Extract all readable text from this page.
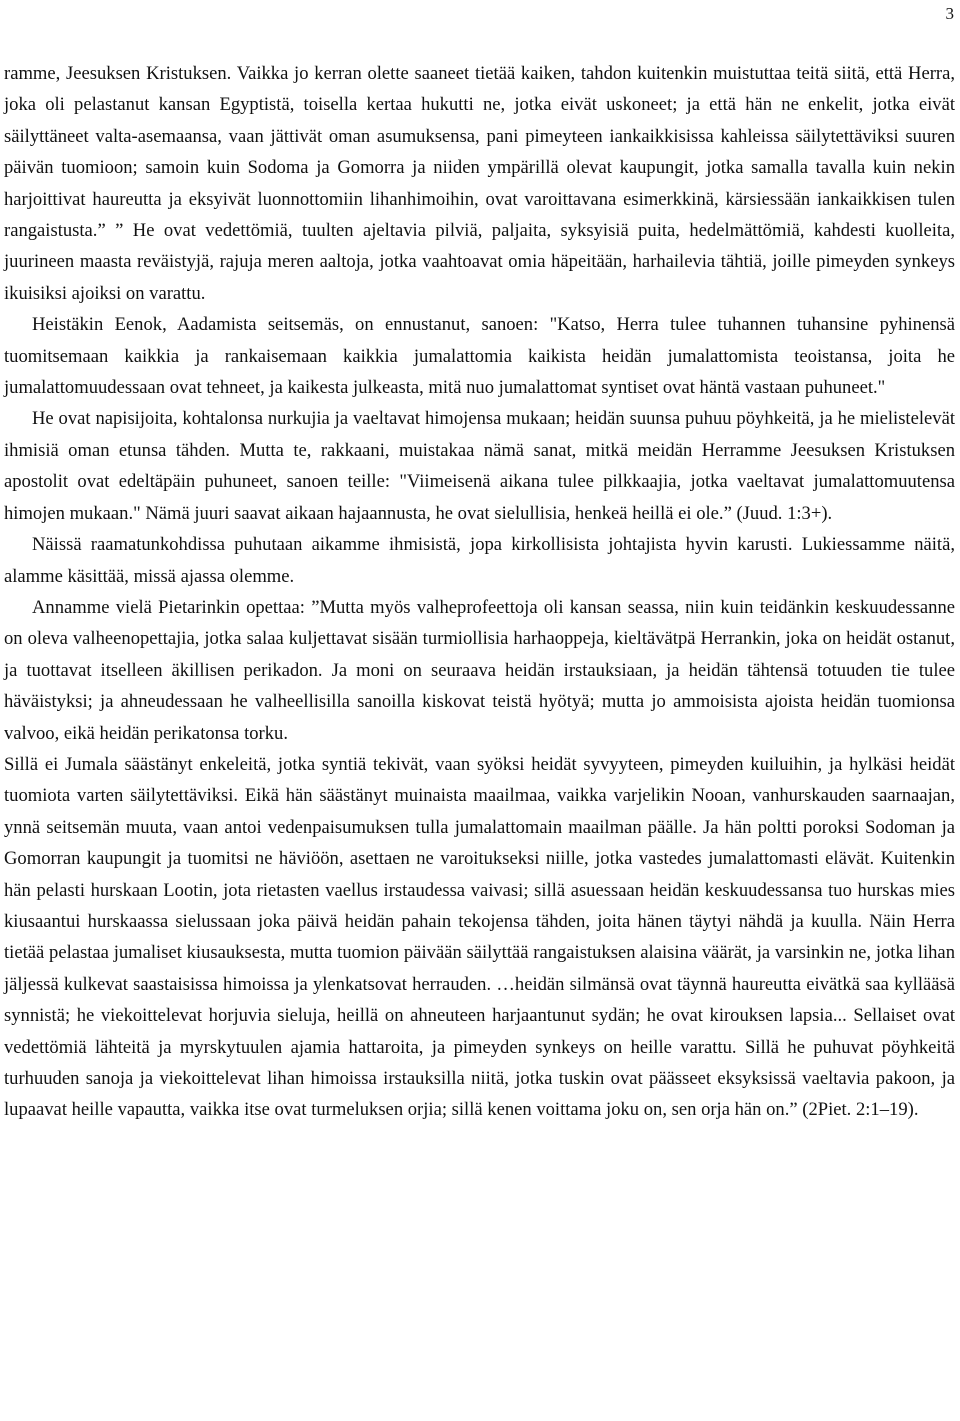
3

ramme, Jeesuksen Kristuksen. Vaikka jo kerran olette saaneet tietää kaiken, tahdon kuitenkin muistuttaa teitä siitä, että Herra, joka oli pelastanut kansan Egyptistä, toisella kertaa hukutti ne, jotka eivät uskoneet; ja että hän ne enkelit, jotka eivät säilyttäneet valta-asemaansa, vaan jättivät oman asumuksensa, pani pimeyteen iankaikkisissa kahleissa säilytettäviksi suuren päivän tuomioon; samoin kuin Sodoma ja Gomorra ja niiden ympärillä olevat kaupungit, jotka samalla tavalla kuin nekin harjoittivat haureutta ja eksyivät luonnottomiin lihanhimoihin, ovat varoittavana esimerkkinä, kärsiessään iankaikkisen tulen rangaistusta.” ” He ovat vedettömiä, tuulten ajeltavia pilviä, paljaita, syksyisiä puita, hedelmättömiä, kahdesti kuolleita, juurineen maasta reväistyjä, rajuja meren aaltoja, jotka vaahtoavat omia häpeitään, harhailevia tähtiä, joille pimeyden synkeys ikuisiksi ajoiksi on varattu.

Heistäkin Eenok, Aadamista seitsemäs, on ennustanut, sanoen: "Katso, Herra tulee tuhannen tuhansine pyhinensä tuomitsemaan kaikkia ja rankaisemaan kaikkia jumalattomia kaikista heidän jumalattomista teoistansa, joita he jumalattomuudessaan ovat tehneet, ja kaikesta julkeasta, mitä nuo jumalattomat syntiset ovat häntä vastaan puhuneet."

He ovat napisijoita, kohtalonsa nurkujia ja vaeltavat himojensa mukaan; heidän suunsa puhuu pöyhkeitä, ja he mielistelevät ihmisiä oman etunsa tähden. Mutta te, rakkaani, muistakaa nämä sanat, mitkä meidän Herramme Jeesuksen Kristuksen apostolit ovat edeltäpäin puhuneet, sanoen teille: "Viimeisenä aikana tulee pilkkaajia, jotka vaeltavat jumalattomuutensa himojen mukaan." Nämä juuri saavat aikaan hajaannusta, he ovat sielullisia, henkeä heillä ei ole.” (Juud. 1:3+).

Näissä raamatunkohdissa puhutaan aikamme ihmisistä, jopa kirkollisista johtajista hyvin karusti. Lukiessamme näitä, alamme käsittää, missä ajassa olemme.

Annamme vielä Pietarinkin opettaa: ”Mutta myös valheprofeettoja oli kansan seassa, niin kuin teidänkin keskuudessanne on oleva valheenopettajia, jotka salaa kuljettavat sisään turmiollisia harhaoppeja, kieltävätpä Herrankin, joka on heidät ostanut, ja tuottavat itselleen äkillisen perikadon. Ja moni on seuraava heidän irstauksiaan, ja heidän tähtensä totuuden tie tulee häväistyksi; ja ahneudessaan he valheellisilla sanoilla kiskovat teistä hyötyä; mutta jo ammoisista ajoista heidän tuomionsa valvoo, eikä heidän perikatonsa torku.

Sillä ei Jumala säästänyt enkeleitä, jotka syntiä tekivät, vaan syöksi heidät syvyyteen, pimeyden kuiluihin, ja hylkäsi heidät tuomiota varten säilytettäviksi. Eikä hän säästänyt muinaista maailmaa, vaikka varjelikin Nooan, vanhurskauden saarnaajan, ynnä seitsemän muuta, vaan antoi vedenpaisumuksen tulla jumalattomain maailman päälle. Ja hän poltti poroksi Sodoman ja Gomorran kaupungit ja tuomitsi ne häviöön, asettaen ne varoitukseksi niille, jotka vastedes jumalattomasti elävät. Kuitenkin hän pelasti hurskaan Lootin, jota rietasten vaellus irstaudessa vaivasi; sillä asuessaan heidän keskuudessansa tuo hurskas mies kiusaantui hurskaassa sielussaan joka päivä heidän pahain tekojensa tähden, joita hänen täytyi nähdä ja kuulla. Näin Herra tietää pelastaa jumaliset kiusauksesta, mutta tuomion päivään säilyttää rangaistuksen alaisina väärät, ja varsinkin ne, jotka lihan jäljessä kulkevat saastaisissa himoissa ja ylenkatsovat herrauden. …heidän silmänsä ovat täynnä haureutta eivätkä saa kyllääsä synnistä; he viekoittelevat horjuvia sieluja, heillä on ahneuteen harjaantunut sydän; he ovat kirouksen lapsia... Sellaiset ovat vedettömiä lähteitä ja myrskytuulen ajamia hattaroita, ja pimeyden synkeys on heille varattu. Sillä he puhuvat pöyhkeitä turhuuden sanoja ja viekoittelevat lihan himoissa irstauksilla niitä, jotka tuskin ovat päässeet eksyksissä vaeltavia pakoon, ja lupaavat heille vapautta, vaikka itse ovat turmeluksen orjia; sillä kenen voittama joku on, sen orja hän on.” (2Piet. 2:1–19).
